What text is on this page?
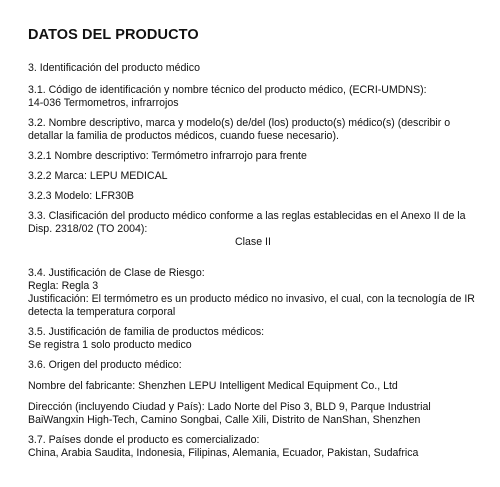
DATOS DEL PRODUCTO
3. Identificación del producto médico
3.1. Código de identificación y nombre técnico del producto médico, (ECRI-UMDNS):
14-036 Termometros, infrarrojos
3.2. Nombre descriptivo, marca y modelo(s) de/del (los) producto(s) médico(s) (describir o
detallar la familia de productos médicos, cuando fuese necesario).
3.2.1 Nombre descriptivo: Termómetro infrarrojo para frente
3.2.2 Marca: LEPU MEDICAL
3.2.3 Modelo: LFR30B
3.3. Clasificación del producto médico conforme a las reglas establecidas en el Anexo II de la
Disp. 2318/02 (TO 2004):
Clase II
3.4. Justificación de Clase de Riesgo:
Regla: Regla 3
Justificación: El termómetro es un producto médico no invasivo, el cual, con la tecnología de IR
detecta la temperatura corporal
3.5. Justificación de familia de productos médicos:
Se registra 1 solo producto medico
3.6. Origen del producto médico:
Nombre del fabricante: Shenzhen LEPU Intelligent Medical Equipment Co., Ltd
Dirección (incluyendo Ciudad y País): Lado Norte del Piso 3, BLD 9, Parque Industrial
BaiWangxin High-Tech, Camino Songbai, Calle Xili, Distrito de NanShan, Shenzhen
3.7. Países donde el producto es comercializado:
China, Arabia Saudita, Indonesia, Filipinas, Alemania, Ecuador, Pakistan, Sudafrica
